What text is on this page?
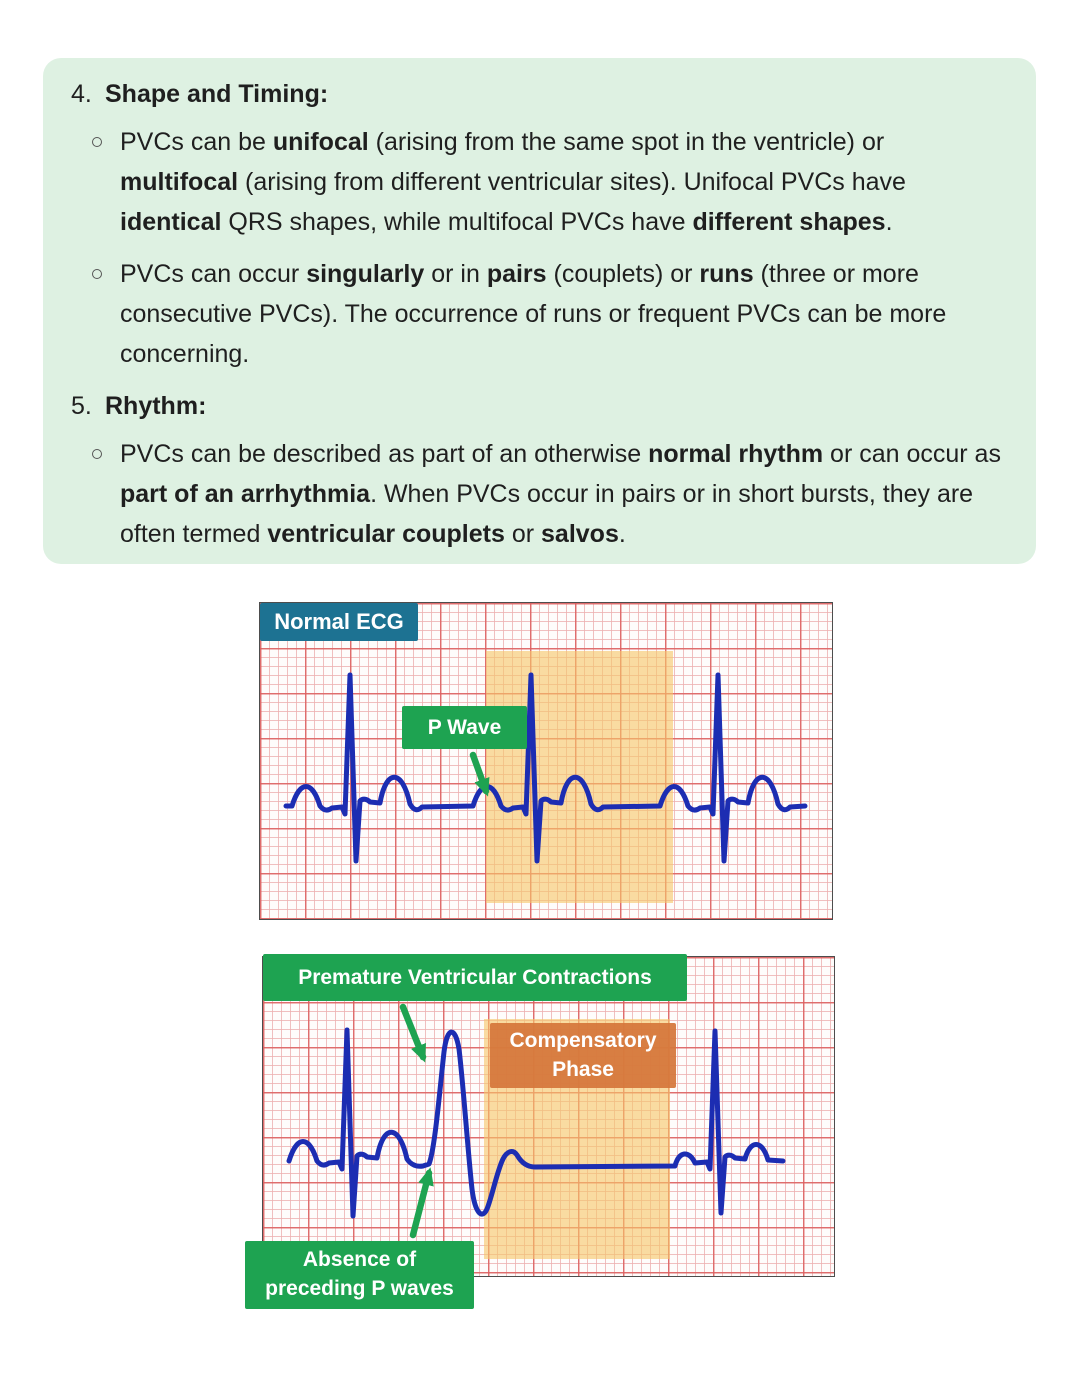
4. Shape and Timing:
PVCs can be unifocal (arising from the same spot in the ventricle) or multifocal (arising from different ventricular sites). Unifocal PVCs have identical QRS shapes, while multifocal PVCs have different shapes.
PVCs can occur singularly or in pairs (couplets) or runs (three or more consecutive PVCs). The occurrence of runs or frequent PVCs can be more concerning.
5. Rhythm:
PVCs can be described as part of an otherwise normal rhythm or can occur as part of an arrhythmia. When PVCs occur in pairs or in short bursts, they are often termed ventricular couplets or salvos.
Normal ECG
P Wave
Premature Ventricular Contractions
Compensatory
Phase
Absence of
preceding P waves
